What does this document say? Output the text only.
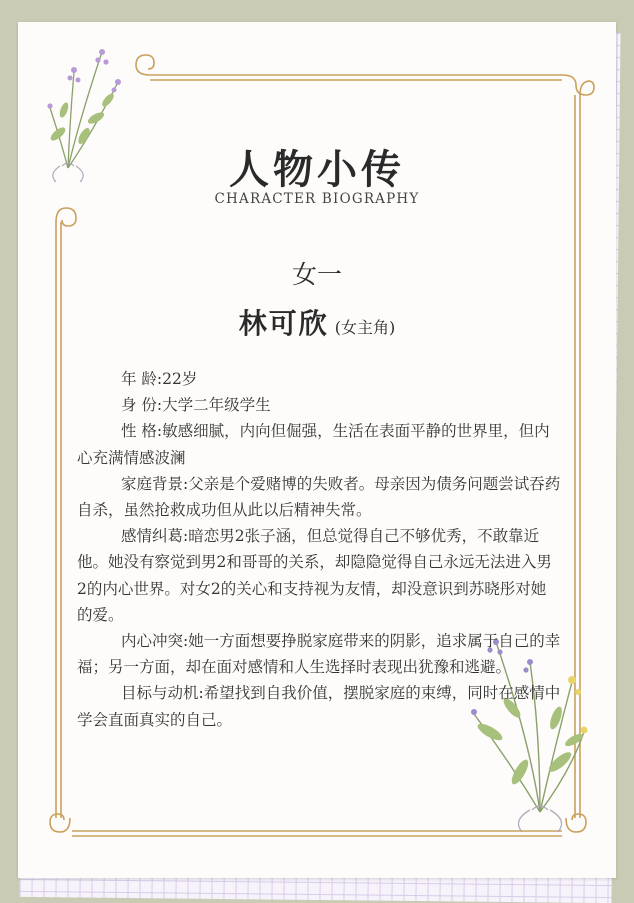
人物小传
CHARACTER BIOGRAPHY
女一
林可欣 (女主角)

年 龄:22岁

身 份:大学二年级学生

性 格:敏感细腻，内向但倔强，生活在表面平静的世界里，但内心充满情感波澜

家庭背景:父亲是个爱赌博的失败者。母亲因为债务问题尝试吞药自杀，虽然抢救成功但从此以后精神失常。

感情纠葛:暗恋男2张子涵，但总觉得自己不够优秀，不敢靠近他。她没有察觉到男2和哥哥的关系，却隐隐觉得自己永远无法进入男2的内心世界。对女2的关心和支持视为友情，却没意识到苏晓彤对她的爱。

内心冲突:她一方面想要挣脱家庭带来的阴影，追求属于自己的幸福；另一方面，却在面对感情和人生选择时表现出犹豫和逃避。

目标与动机:希望找到自我价值，摆脱家庭的束缚，同时在感情中学会直面真实的自己。
